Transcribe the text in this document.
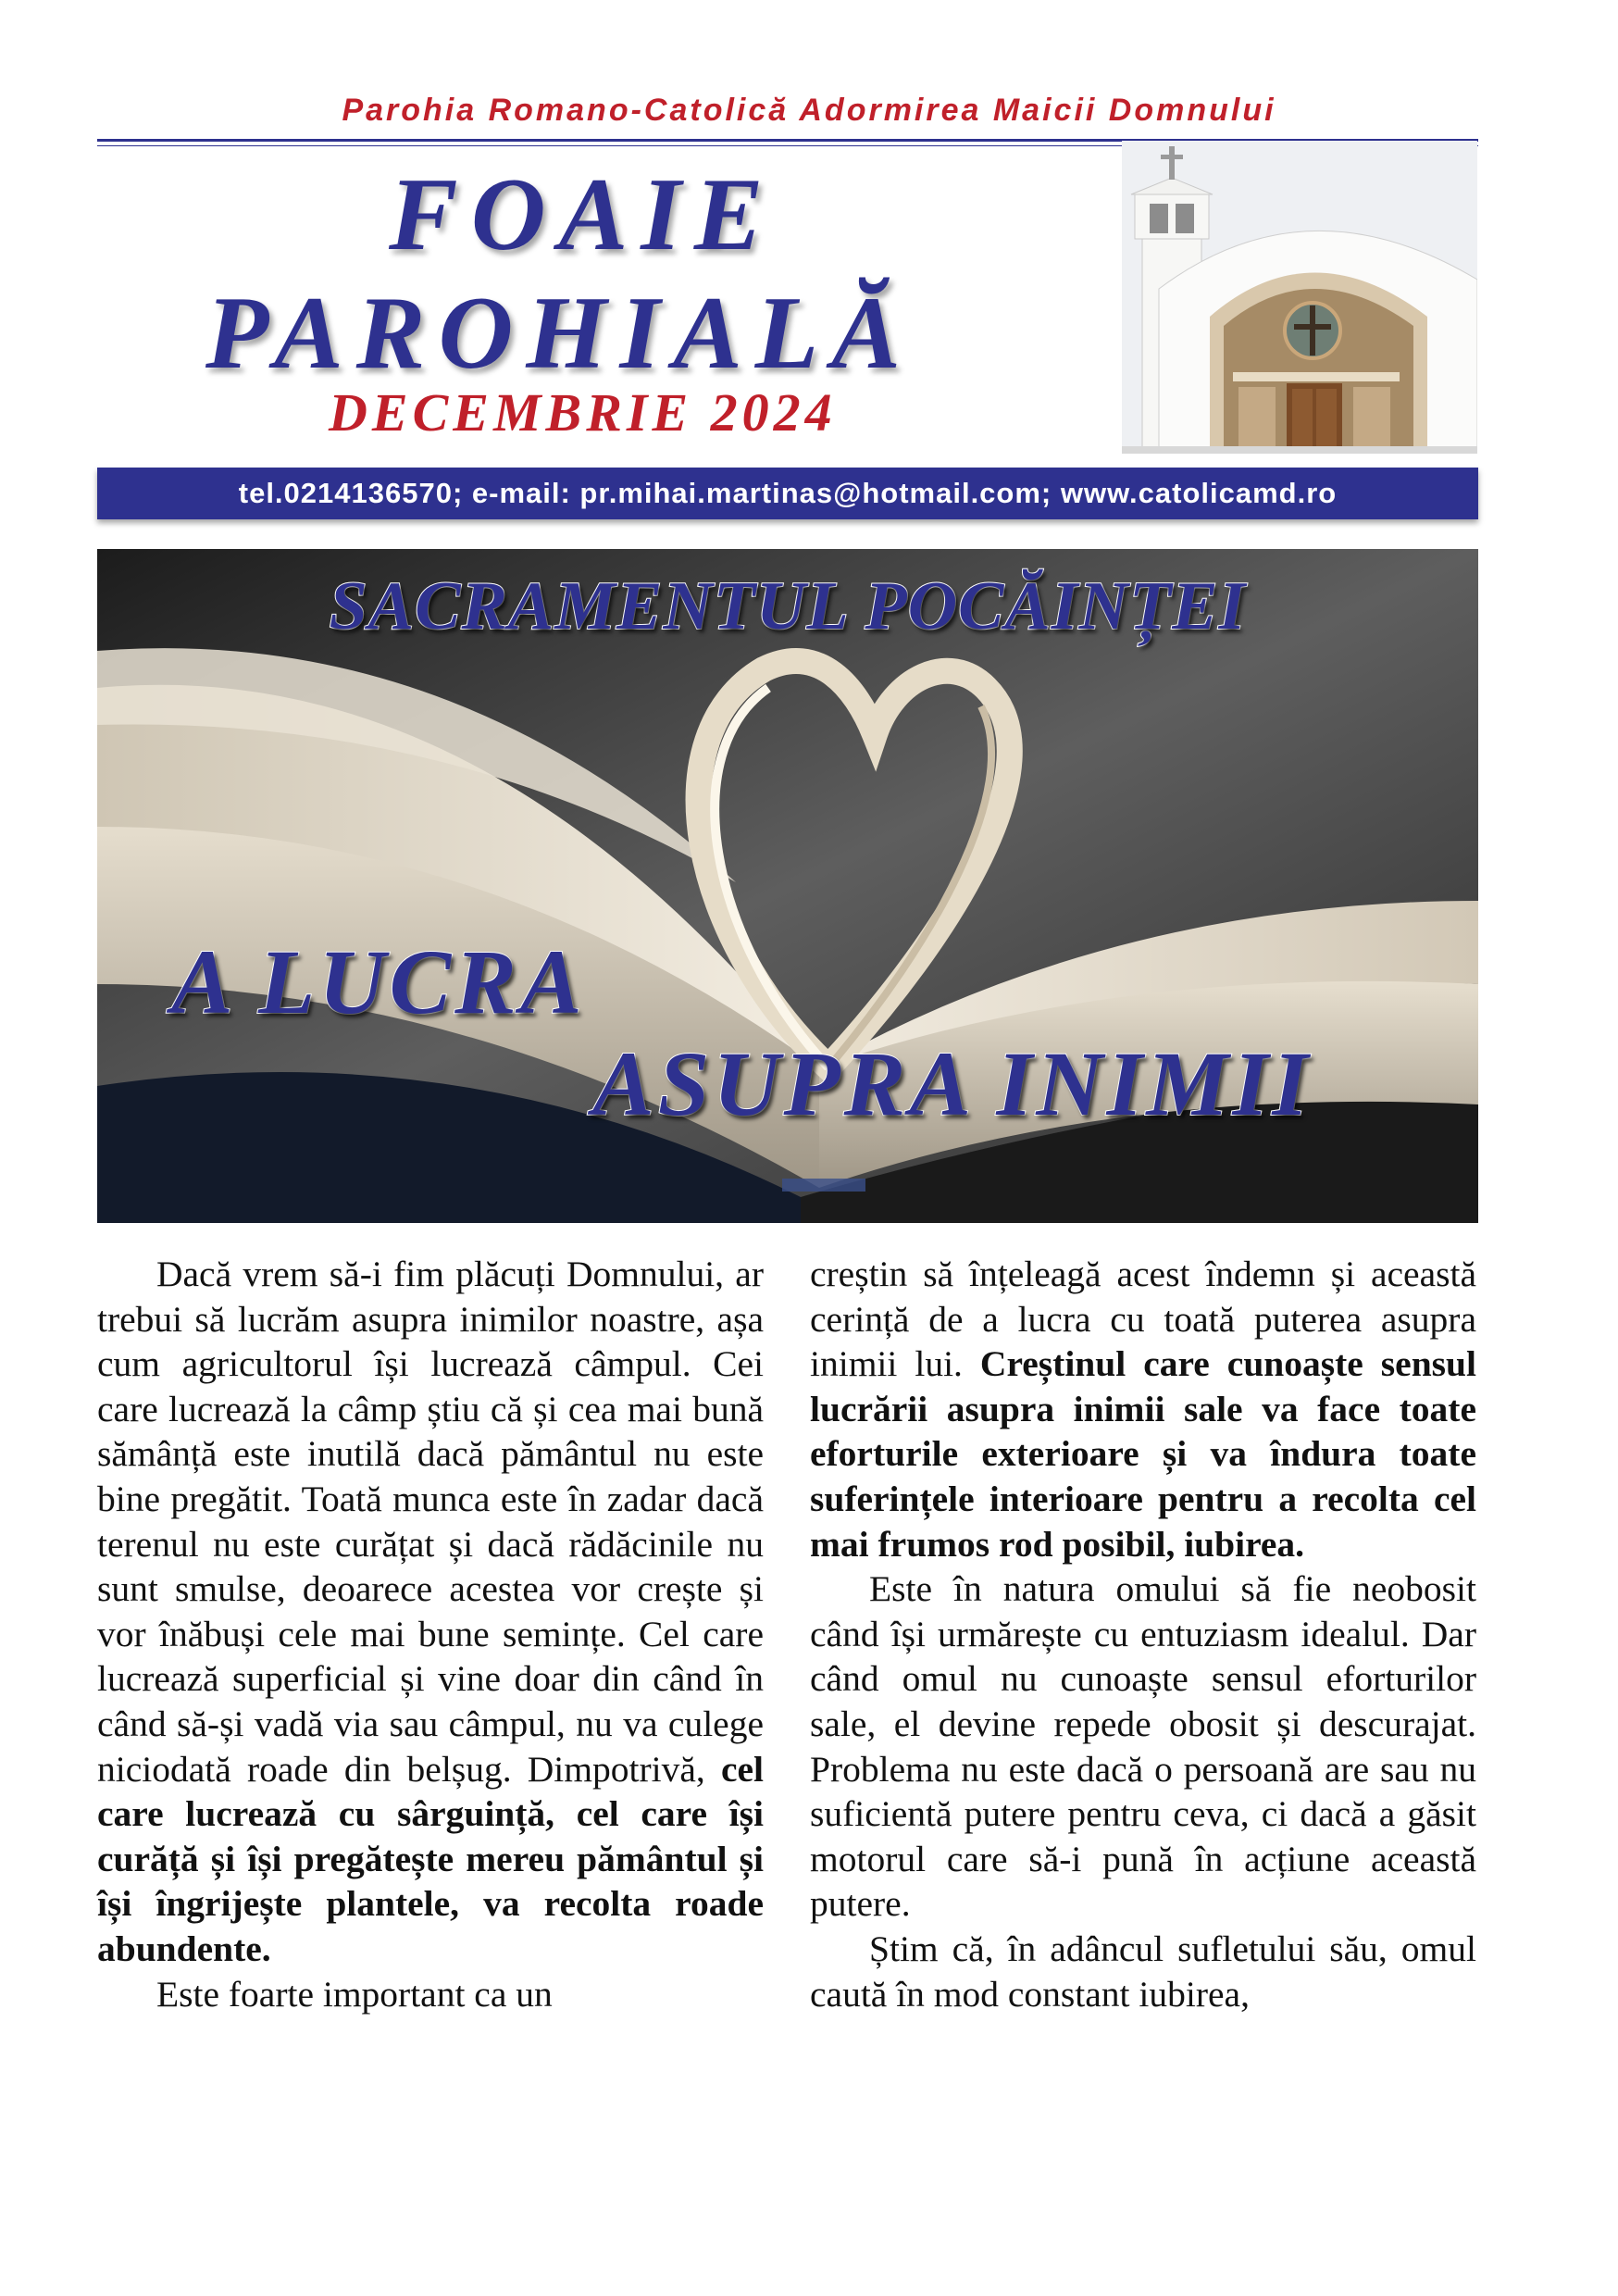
Parohia Romano-Catolică Adormirea Maicii Domnului
FOAIE
PAROHIALĂ
DECEMBRIE 2024
tel.0214136570; e-mail: pr.mihai.martinas@hotmail.com; www.catolicamd.ro
SACRAMENTUL POCĂINȚEI
A LUCRA
ASUPRA INIMII

Dacă vrem să-i fim plăcuți Domnului, ar trebui să lucrăm asupra inimilor noastre, așa cum agricultorul își lucrează câmpul. Cei care lucrează la câmp știu că și cea mai bună sămânță este inutilă dacă pământul nu este bine pregătit. Toată munca este în zadar dacă terenul nu este curățat și dacă rădăcinile nu sunt smulse, deoarece acestea vor crește și vor înăbuși cele mai bune semințe. Cel care lucrează superficial și vine doar din când în când să-și vadă via sau câmpul, nu va culege niciodată roade din belșug. Dimpotrivă, cel care lucrează cu sârguință, cel care își curăță și își pregătește mereu pământul și își îngrijește plantele, va recolta roade abundente.

Este foarte important ca un

creștin să înțeleagă acest îndemn și această cerință de a lucra cu toată puterea asupra inimii lui. Creștinul care cunoaște sensul lucrării asupra inimii sale va face toate eforturile exterioare și va îndura toate suferințele interioare pentru a recolta cel mai frumos rod posibil, iubirea.

Este în natura omului să fie neobosit când își urmărește cu entuziasm idealul. Dar când omul nu cunoaște sensul eforturilor sale, el devine repede obosit și descurajat. Problema nu este dacă o persoană are sau nu suficientă putere pentru ceva, ci dacă a găsit motorul care să-i pună în acțiune această putere.

Știm că, în adâncul sufletului său, omul caută în mod constant iubirea,
